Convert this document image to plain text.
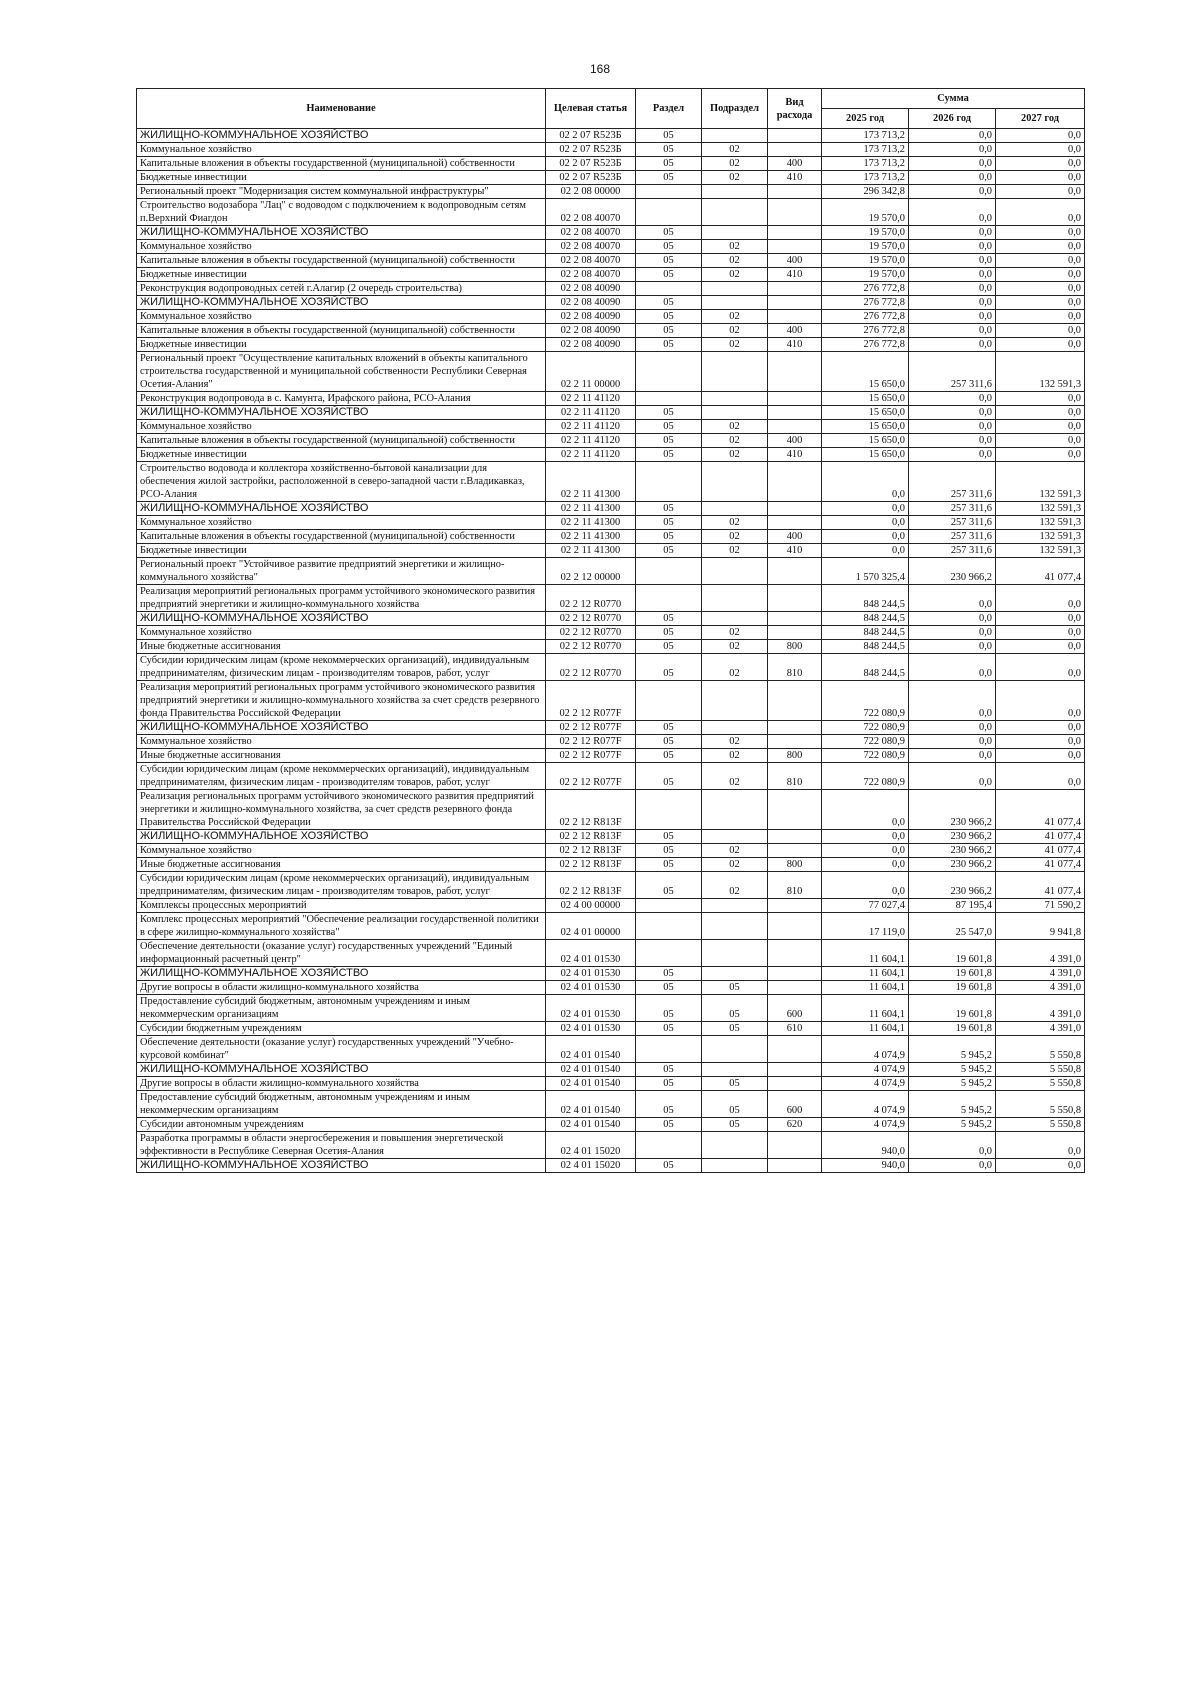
168
Наименование	Целевая статья	Раздел	Подраздел	Вид расхода	Сумма		
					2025 год	2026 год	2027 год
ЖИЛИЩНО-КОММУНАЛЬНОЕ ХОЗЯЙСТВО	02 2 07 R523Б	05			173 713,2	0,0	0,0
Коммунальное хозяйство	02 2 07 R523Б	05	02		173 713,2	0,0	0,0
Капитальные вложения в объекты государственной (муниципальной) собственности	02 2 07 R523Б	05	02	400	173 713,2	0,0	0,0
Бюджетные инвестиции	02 2 07 R523Б	05	02	410	173 713,2	0,0	0,0
Региональный проект "Модернизация систем коммунальной инфраструктуры"	02 2 08 00000				296 342,8	0,0	0,0
Строительство водозабора "Лац" с водоводом с подключением к водопроводным сетям п.Верхний Фиагдон	02 2 08 40070				19 570,0	0,0	0,0
ЖИЛИЩНО-КОММУНАЛЬНОЕ ХОЗЯЙСТВО	02 2 08 40070	05			19 570,0	0,0	0,0
Коммунальное хозяйство	02 2 08 40070	05	02		19 570,0	0,0	0,0
Капитальные вложения в объекты государственной (муниципальной) собственности	02 2 08 40070	05	02	400	19 570,0	0,0	0,0
Бюджетные инвестиции	02 2 08 40070	05	02	410	19 570,0	0,0	0,0
Реконструкция водопроводных сетей г.Алагир (2 очередь строительства)	02 2 08 40090				276 772,8	0,0	0,0
ЖИЛИЩНО-КОММУНАЛЬНОЕ ХОЗЯЙСТВО	02 2 08 40090	05			276 772,8	0,0	0,0
Коммунальное хозяйство	02 2 08 40090	05	02		276 772,8	0,0	0,0
Капитальные вложения в объекты государственной (муниципальной) собственности	02 2 08 40090	05	02	400	276 772,8	0,0	0,0
Бюджетные инвестиции	02 2 08 40090	05	02	410	276 772,8	0,0	0,0
Региональный проект "Осуществление капитальных вложений в объекты капитального строительства государственной и муниципальной собственности Республики Северная Осетия-Алания"	02 2 11 00000				15 650,0	257 311,6	132 591,3
Реконструкция водопровода в с. Камунта, Ирафского района, РСО-Алания	02 2 11 41120				15 650,0	0,0	0,0
ЖИЛИЩНО-КОММУНАЛЬНОЕ ХОЗЯЙСТВО	02 2 11 41120	05			15 650,0	0,0	0,0
Коммунальное хозяйство	02 2 11 41120	05	02		15 650,0	0,0	0,0
Капитальные вложения в объекты государственной (муниципальной) собственности	02 2 11 41120	05	02	400	15 650,0	0,0	0,0
Бюджетные инвестиции	02 2 11 41120	05	02	410	15 650,0	0,0	0,0
Строительство водовода и коллектора хозяйственно-бытовой канализации для обеспечения жилой застройки, расположенной в северо-западной части г.Владикавказ, РСО-Алания	02 2 11 41300				0,0	257 311,6	132 591,3
ЖИЛИЩНО-КОММУНАЛЬНОЕ ХОЗЯЙСТВО	02 2 11 41300	05			0,0	257 311,6	132 591,3
Коммунальное хозяйство	02 2 11 41300	05	02		0,0	257 311,6	132 591,3
Капитальные вложения в объекты государственной (муниципальной) собственности	02 2 11 41300	05	02	400	0,0	257 311,6	132 591,3
Бюджетные инвестиции	02 2 11 41300	05	02	410	0,0	257 311,6	132 591,3
Региональный проект "Устойчивое развитие предприятий энергетики и жилищно-коммунального хозяйства"	02 2 12 00000				1 570 325,4	230 966,2	41 077,4
Реализация мероприятий региональных программ устойчивого экономического развития предприятий энергетики и жилищно-коммунального хозяйства	02 2 12 R0770				848 244,5	0,0	0,0
ЖИЛИЩНО-КОММУНАЛЬНОЕ ХОЗЯЙСТВО	02 2 12 R0770	05			848 244,5	0,0	0,0
Коммунальное хозяйство	02 2 12 R0770	05	02		848 244,5	0,0	0,0
Иные бюджетные ассигнования	02 2 12 R0770	05	02	800	848 244,5	0,0	0,0
Субсидии юридическим лицам (кроме некоммерческих организаций), индивидуальным предпринимателям, физическим лицам - производителям товаров, работ, услуг	02 2 12 R0770	05	02	810	848 244,5	0,0	0,0
Реализация мероприятий региональных программ устойчивого экономического развития предприятий энергетики и жилищно-коммунального хозяйства за счет средств резервного фонда Правительства Российской Федерации	02 2 12 R077F				722 080,9	0,0	0,0
ЖИЛИЩНО-КОММУНАЛЬНОЕ ХОЗЯЙСТВО	02 2 12 R077F	05			722 080,9	0,0	0,0
Коммунальное хозяйство	02 2 12 R077F	05	02		722 080,9	0,0	0,0
Иные бюджетные ассигнования	02 2 12 R077F	05	02	800	722 080,9	0,0	0,0
Субсидии юридическим лицам (кроме некоммерческих организаций), индивидуальным предпринимателям, физическим лицам - производителям товаров, работ, услуг	02 2 12 R077F	05	02	810	722 080,9	0,0	0,0
Реализация региональных программ устойчивого экономического развития предприятий энергетики и жилищно-коммунального хозяйства, за счет средств резервного фонда Правительства Российской Федерации	02 2 12 R813F				0,0	230 966,2	41 077,4
ЖИЛИЩНО-КОММУНАЛЬНОЕ ХОЗЯЙСТВО	02 2 12 R813F	05			0,0	230 966,2	41 077,4
Коммунальное хозяйство	02 2 12 R813F	05	02		0,0	230 966,2	41 077,4
Иные бюджетные ассигнования	02 2 12 R813F	05	02	800	0,0	230 966,2	41 077,4
Субсидии юридическим лицам (кроме некоммерческих организаций), индивидуальным предпринимателям, физическим лицам - производителям товаров, работ, услуг	02 2 12 R813F	05	02	810	0,0	230 966,2	41 077,4
Комплексы процессных мероприятий	02 4 00 00000				77 027,4	87 195,4	71 590,2
Комплекс процессных мероприятий "Обеспечение реализации государственной политики в сфере жилищно-коммунального хозяйства"	02 4 01 00000				17 119,0	25 547,0	9 941,8
Обеспечение деятельности (оказание услуг) государственных учреждений "Единый информационный расчетный центр"	02 4 01 01530				11 604,1	19 601,8	4 391,0
ЖИЛИЩНО-КОММУНАЛЬНОЕ ХОЗЯЙСТВО	02 4 01 01530	05			11 604,1	19 601,8	4 391,0
Другие вопросы в области жилищно-коммунального хозяйства	02 4 01 01530	05	05		11 604,1	19 601,8	4 391,0
Предоставление субсидий бюджетным, автономным учреждениям и иным некоммерческим организациям	02 4 01 01530	05	05	600	11 604,1	19 601,8	4 391,0
Субсидии бюджетным учреждениям	02 4 01 01530	05	05	610	11 604,1	19 601,8	4 391,0
Обеспечение деятельности (оказание услуг) государственных учреждений "Учебно-курсовой комбинат"	02 4 01 01540				4 074,9	5 945,2	5 550,8
ЖИЛИЩНО-КОММУНАЛЬНОЕ ХОЗЯЙСТВО	02 4 01 01540	05			4 074,9	5 945,2	5 550,8
Другие вопросы в области жилищно-коммунального хозяйства	02 4 01 01540	05	05		4 074,9	5 945,2	5 550,8
Предоставление субсидий бюджетным, автономным учреждениям и иным некоммерческим организациям	02 4 01 01540	05	05	600	4 074,9	5 945,2	5 550,8
Субсидии автономным учреждениям	02 4 01 01540	05	05	620	4 074,9	5 945,2	5 550,8
Разработка программы в области энергосбережения и повышения энергетической эффективности в Республике Северная Осетия-Алания	02 4 01 15020				940,0	0,0	0,0
ЖИЛИЩНО-КОММУНАЛЬНОЕ ХОЗЯЙСТВО	02 4 01 15020	05			940,0	0,0	0,0
